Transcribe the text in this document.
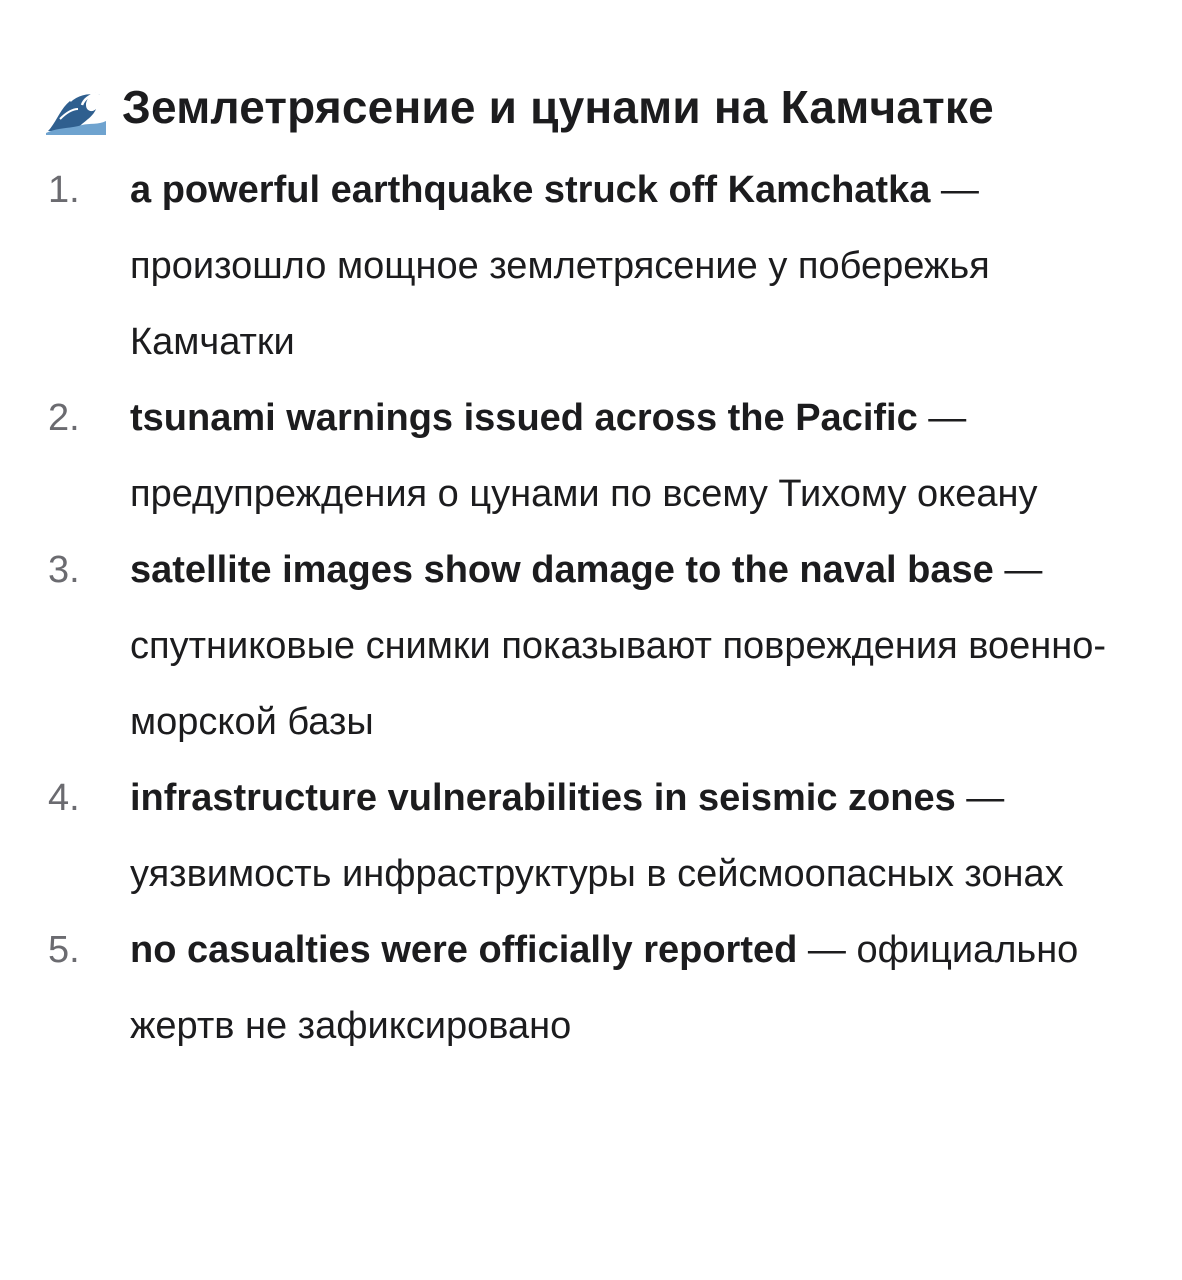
Землетрясение и цунами на Камчатке
1. a powerful earthquake struck off Kamchatka — произошло мощное землетрясение у побережья Камчатки
2. tsunami warnings issued across the Pacific — предупреждения о цунами по всему Тихому океану
3. satellite images show damage to the naval base — спутниковые снимки показывают повреждения военно-морской базы
4. infrastructure vulnerabilities in seismic zones — уязвимость инфраструктуры в сейсмоопасных зонах
5. no casualties were officially reported — официально жертв не зафиксировано
